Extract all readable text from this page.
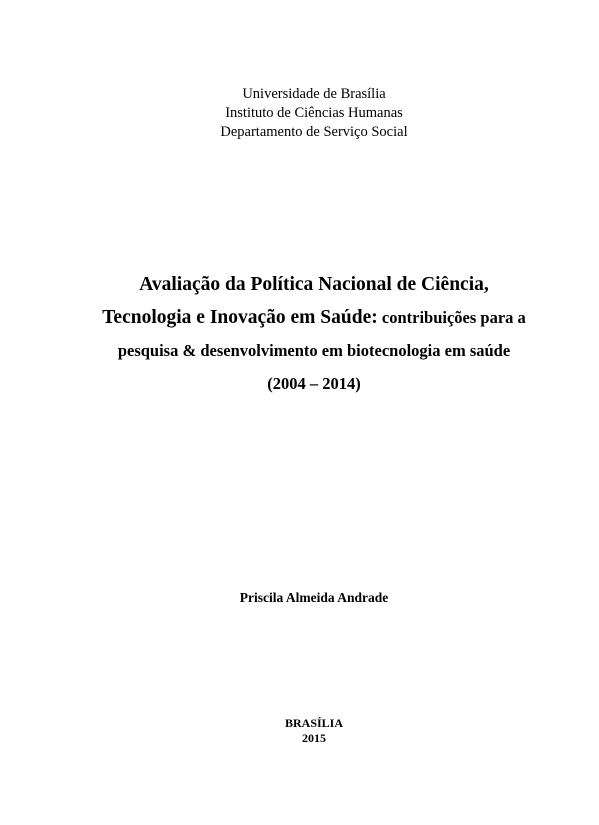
Universidade de Brasília
Instituto de Ciências Humanas
Departamento de Serviço Social
Avaliação da Política Nacional de Ciência,
Tecnologia e Inovação em Saúde: contribuições para a
pesquisa & desenvolvimento em biotecnologia em saúde
(2004 – 2014)
Priscila Almeida Andrade
BRASÍLIA
2015
